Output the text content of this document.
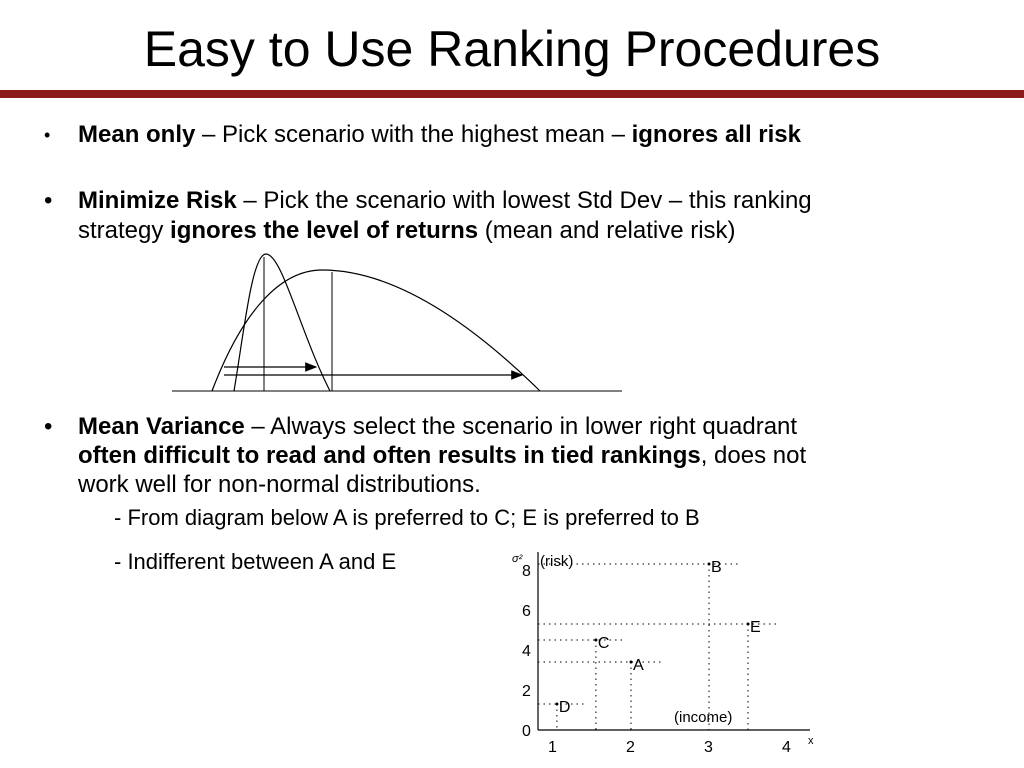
Easy to Use Ranking Procedures
•	Mean only – Pick scenario with the highest mean – ignores all risk
•	Minimize Risk – Pick the scenario with lowest Std Dev – this ranking
strategy ignores the level of returns (mean and relative risk)
•	Mean Variance – Always select the scenario in lower right quadrant
often difficult to read and often results in tied rankings, does not
work well for non-normal distributions.
- From diagram below A is preferred to C; E is preferred to B
- Indifferent between A and E	σ² (risk)
(income)
x
0
2
4
6
8
1	2	3	4
D
C
A
B
E
